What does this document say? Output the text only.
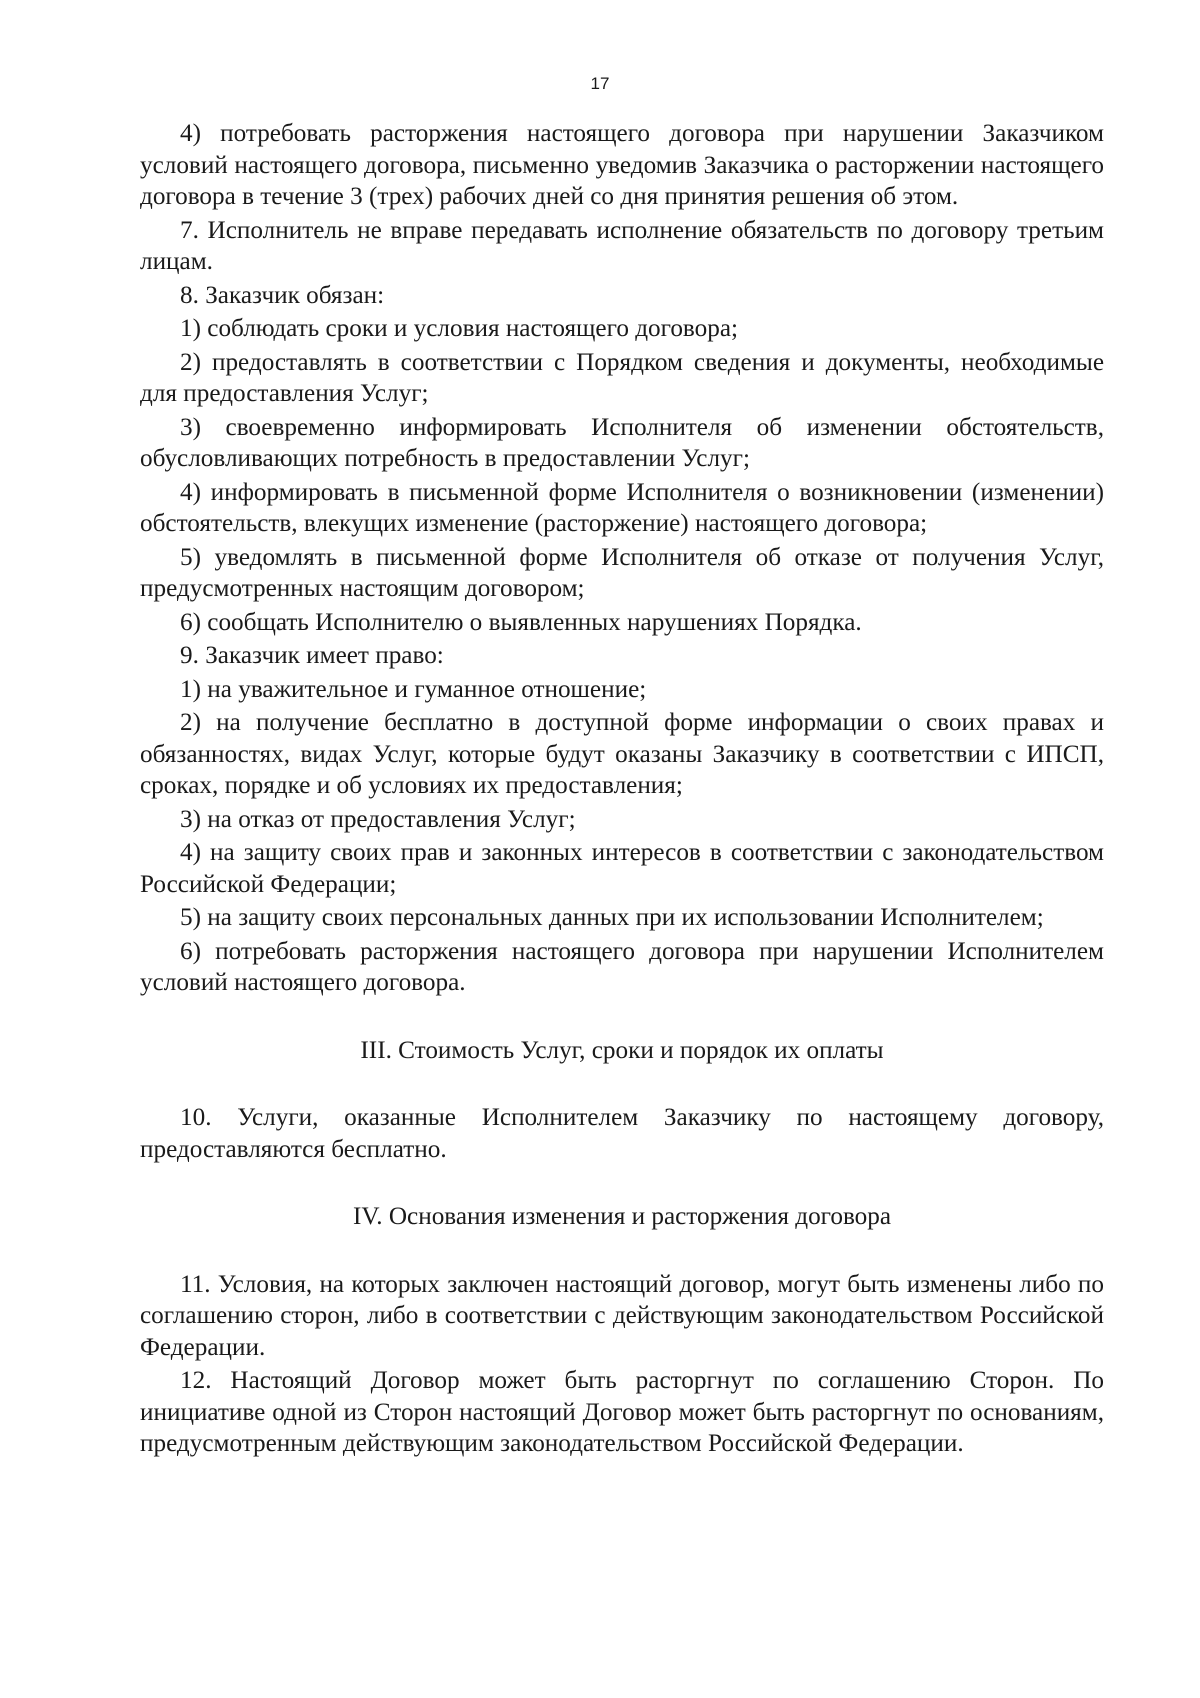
17

4) потребовать расторжения настоящего договора при нарушении Заказчиком условий настоящего договора, письменно уведомив Заказчика о расторжении настоящего договора в течение 3 (трех) рабочих дней со дня принятия решения об этом.

7. Исполнитель не вправе передавать исполнение обязательств по договору третьим лицам.

8. Заказчик обязан:

1) соблюдать сроки и условия настоящего договора;

2) предоставлять в соответствии с Порядком сведения и документы, необходимые для предоставления Услуг;

3) своевременно информировать Исполнителя об изменении обстоятельств, обусловливающих потребность в предоставлении Услуг;

4) информировать в письменной форме Исполнителя о возникновении (изменении) обстоятельств, влекущих изменение (расторжение) настоящего договора;

5) уведомлять в письменной форме Исполнителя об отказе от получения Услуг, предусмотренных настоящим договором;

6) сообщать Исполнителю о выявленных нарушениях Порядка.

9. Заказчик имеет право:

1) на уважительное и гуманное отношение;

2) на получение бесплатно в доступной форме информации о своих правах и обязанностях, видах Услуг, которые будут оказаны Заказчику в соответствии с ИПСП, сроках, порядке и об условиях их предоставления;

3) на отказ от предоставления Услуг;

4) на защиту своих прав и законных интересов в соответствии с законодательством Российской Федерации;

5) на защиту своих персональных данных при их использовании Исполнителем;

6) потребовать расторжения настоящего договора при нарушении Исполнителем условий настоящего договора.

III. Стоимость Услуг, сроки и порядок их оплаты

10. Услуги, оказанные Исполнителем Заказчику по настоящему договору, предоставляются бесплатно.

IV. Основания изменения и расторжения договора

11. Условия, на которых заключен настоящий договор, могут быть изменены либо по соглашению сторон, либо в соответствии с действующим законодательством Российской Федерации.

12. Настоящий Договор может быть расторгнут по соглашению Сторон. По инициативе одной из Сторон настоящий Договор может быть расторгнут по основаниям, предусмотренным действующим законодательством Российской Федерации.
